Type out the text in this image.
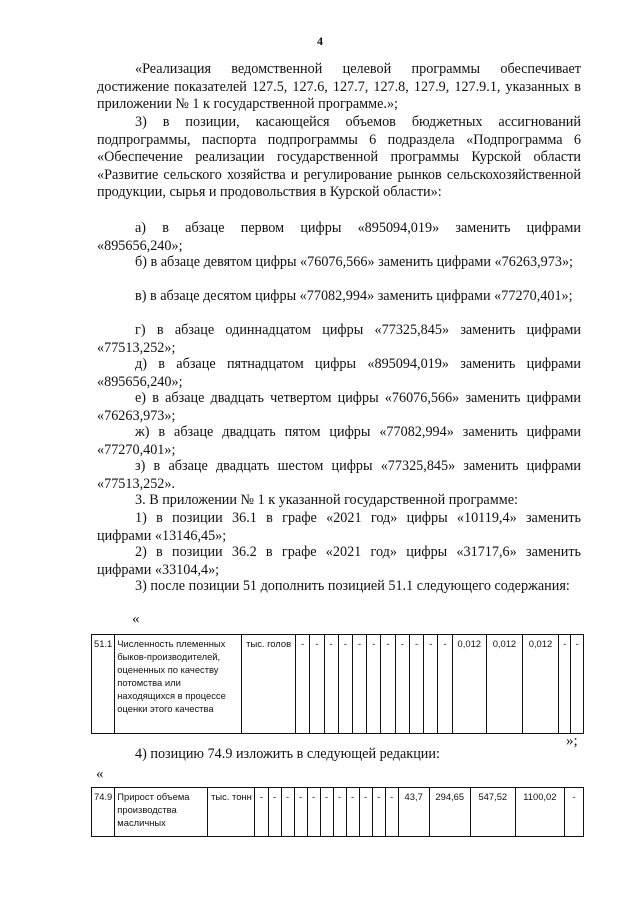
4
«Реализация ведомственной целевой программы обеспечивает достижение показателей 127.5, 127.6, 127.7, 127.8, 127.9, 127.9.1, указанных в приложении № 1 к государственной программе.»;
3) в позиции, касающейся объемов бюджетных ассигнований подпрограммы, паспорта подпрограммы 6 подраздела «Подпрограмма 6 «Обеспечение реализации государственной программы Курской области «Развитие сельского хозяйства и регулирование рынков сельскохозяйственной продукции, сырья и продовольствия в Курской области»:
а) в абзаце первом цифры «895094,019» заменить цифрами «895656,240»;
б) в абзаце девятом цифры «76076,566» заменить цифрами «76263,973»;
в) в абзаце десятом цифры «77082,994» заменить цифрами «77270,401»;
г) в абзаце одиннадцатом цифры «77325,845» заменить цифрами «77513,252»;
д) в абзаце пятнадцатом цифры «895094,019» заменить цифрами «895656,240»;
е) в абзаце двадцать четвертом цифры «76076,566» заменить цифрами «76263,973»;
ж) в абзаце двадцать пятом цифры «77082,994» заменить цифрами «77270,401»;
з) в абзаце двадцать шестом цифры «77325,845» заменить цифрами «77513,252».
3. В приложении № 1 к указанной государственной программе:
1) в позиции 36.1 в графе «2021 год» цифры «10119,4» заменить цифрами «13146,45»;
2) в позиции 36.2 в графе «2021 год» цифры «31717,6» заменить цифрами «33104,4»;
3) после позиции 51 дополнить позицией 51.1 следующего содержания:
«
51.1	Численность племенных быков-производителей, оцененных по качеству потомства или находящихся в процессе оценки этого качества	тыс. голов	-	-	-	-	-	-	-	-	-	-	-	0,012	0,012	0,012	-	-
»;
4) позицию 74.9 изложить в следующей редакции:
«
74.9	Прирост объема производства масличных	тыс. тонн	-	-	-	-	-	-	-	-	-	-	-	43,7	294,65	547,52	1100,02	-
